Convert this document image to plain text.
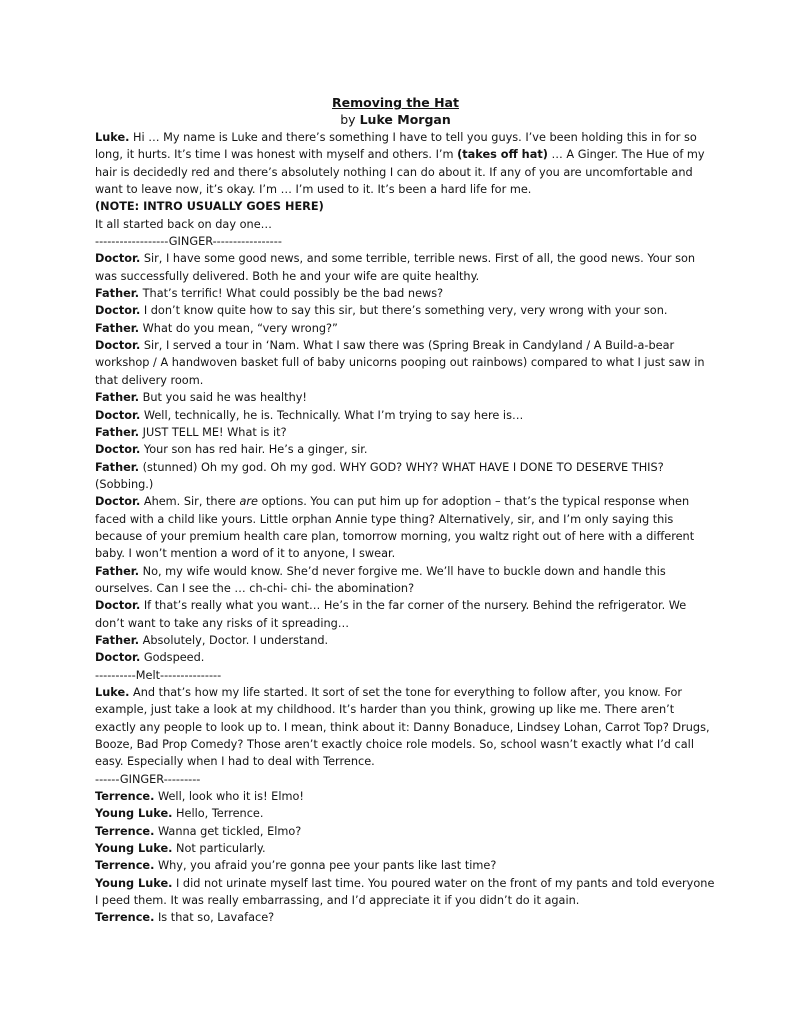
Removing the Hat
by Luke Morgan

Luke. Hi … My name is Luke and there’s something I have to tell you guys. I’ve been holding this in for so long, it hurts. It’s time I was honest with myself and others. I’m (takes off hat) … A Ginger. The Hue of my hair is decidedly red and there’s absolutely nothing I can do about it. If any of you are uncomfortable and want to leave now, it’s okay. I’m … I’m used to it. It’s been a hard life for me.

(NOTE: INTRO USUALLY GOES HERE)

It all started back on day one…

------------------GINGER-----------------

Doctor. Sir, I have some good news, and some terrible, terrible news. First of all, the good news. Your son was successfully delivered. Both he and your wife are quite healthy.

Father. That’s terrific! What could possibly be the bad news?

Doctor. I don’t know quite how to say this sir, but there’s something very, very wrong with your son.

Father. What do you mean, “very wrong?”

Doctor. Sir, I served a tour in ‘Nam. What I saw there was (Spring Break in Candyland / A Build-a-bear workshop / A handwoven basket full of baby unicorns pooping out rainbows) compared to what I just saw in that delivery room.

Father. But you said he was healthy!

Doctor. Well, technically, he is. Technically. What I’m trying to say here is…

Father. JUST TELL ME! What is it?

Doctor. Your son has red hair. He’s a ginger, sir.

Father. (stunned) Oh my god. Oh my god. WHY GOD? WHY? WHAT HAVE I DONE TO DESERVE THIS? (Sobbing.)

Doctor. Ahem. Sir, there are options. You can put him up for adoption – that’s the typical response when faced with a child like yours. Little orphan Annie type thing? Alternatively, sir, and I’m only saying this because of your premium health care plan, tomorrow morning, you waltz right out of here with a different baby. I won’t mention a word of it to anyone, I swear.

Father. No, my wife would know. She’d never forgive me. We’ll have to buckle down and handle this ourselves. Can I see the … ch-chi- chi- the abomination?

Doctor. If that’s really what you want… He’s in the far corner of the nursery. Behind the refrigerator. We don’t want to take any risks of it spreading…

Father. Absolutely, Doctor. I understand.

Doctor. Godspeed.

----------Melt---------------

Luke. And that’s how my life started. It sort of set the tone for everything to follow after, you know. For example, just take a look at my childhood. It’s harder than you think, growing up like me. There aren’t exactly any people to look up to. I mean, think about it: Danny Bonaduce, Lindsey Lohan, Carrot Top? Drugs, Booze, Bad Prop Comedy? Those aren’t exactly choice role models. So, school wasn’t exactly what I’d call easy. Especially when I had to deal with Terrence.

------GINGER---------

Terrence. Well, look who it is! Elmo!

Young Luke. Hello, Terrence.

Terrence. Wanna get tickled, Elmo?

Young Luke. Not particularly.

Terrence. Why, you afraid you’re gonna pee your pants like last time?

Young Luke. I did not urinate myself last time. You poured water on the front of my pants and told everyone I peed them. It was really embarrassing, and I’d appreciate it if you didn’t do it again.

Terrence. Is that so, Lavaface?
